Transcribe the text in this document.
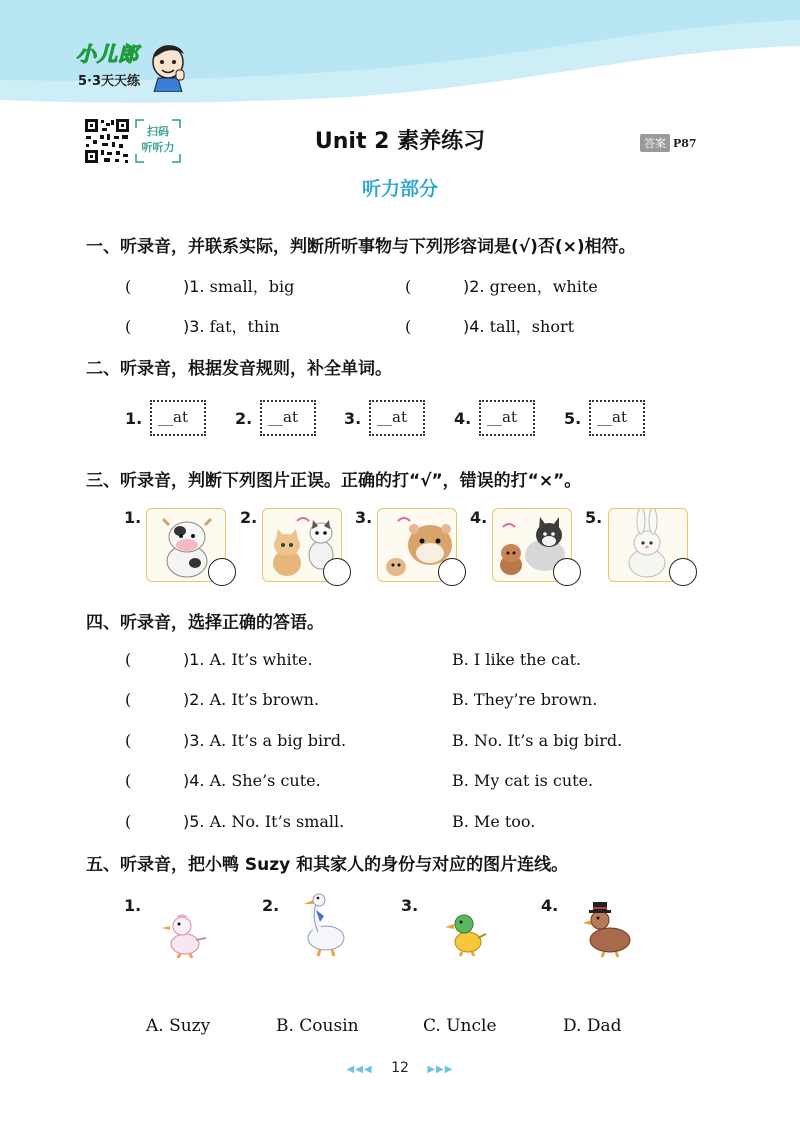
小儿郎
5·3天天练
扫码
听听力	Unit 2 素养练习	答案 P87
听力部分
一、听录音，并联系实际，判断所听事物与下列形容词是(√)否(×)相符。
(	)1. small，big	(	)2. green，white
(	)3. fat，thin	(	)4. tall，short
二、听录音，根据发音规则，补全单词。
1. __at	2. __at	3. __at	4. __at	5. __at
三、听录音，判断下列图片正误。正确的打“√”，错误的打“×”。
1.	2.	3.	4.	5.
四、听录音，选择正确的答语。
(	)1. A. It’s white.	B. I like the cat.
(	)2. A. It’s brown.	B. They’re brown.
(	)3. A. It’s a big bird.	B. No. It’s a big bird.
(	)4. A. She’s cute.	B. My cat is cute.
(	)5. A. No. It’s small.	B. Me too.
五、听录音，把小鸭 Suzy 和其家人的身份与对应的图片连线。
1.	2.	3.	4.
A. Suzy	B. Cousin	C. Uncle	D. Dad
◀◀◀ 12 ▶▶▶
